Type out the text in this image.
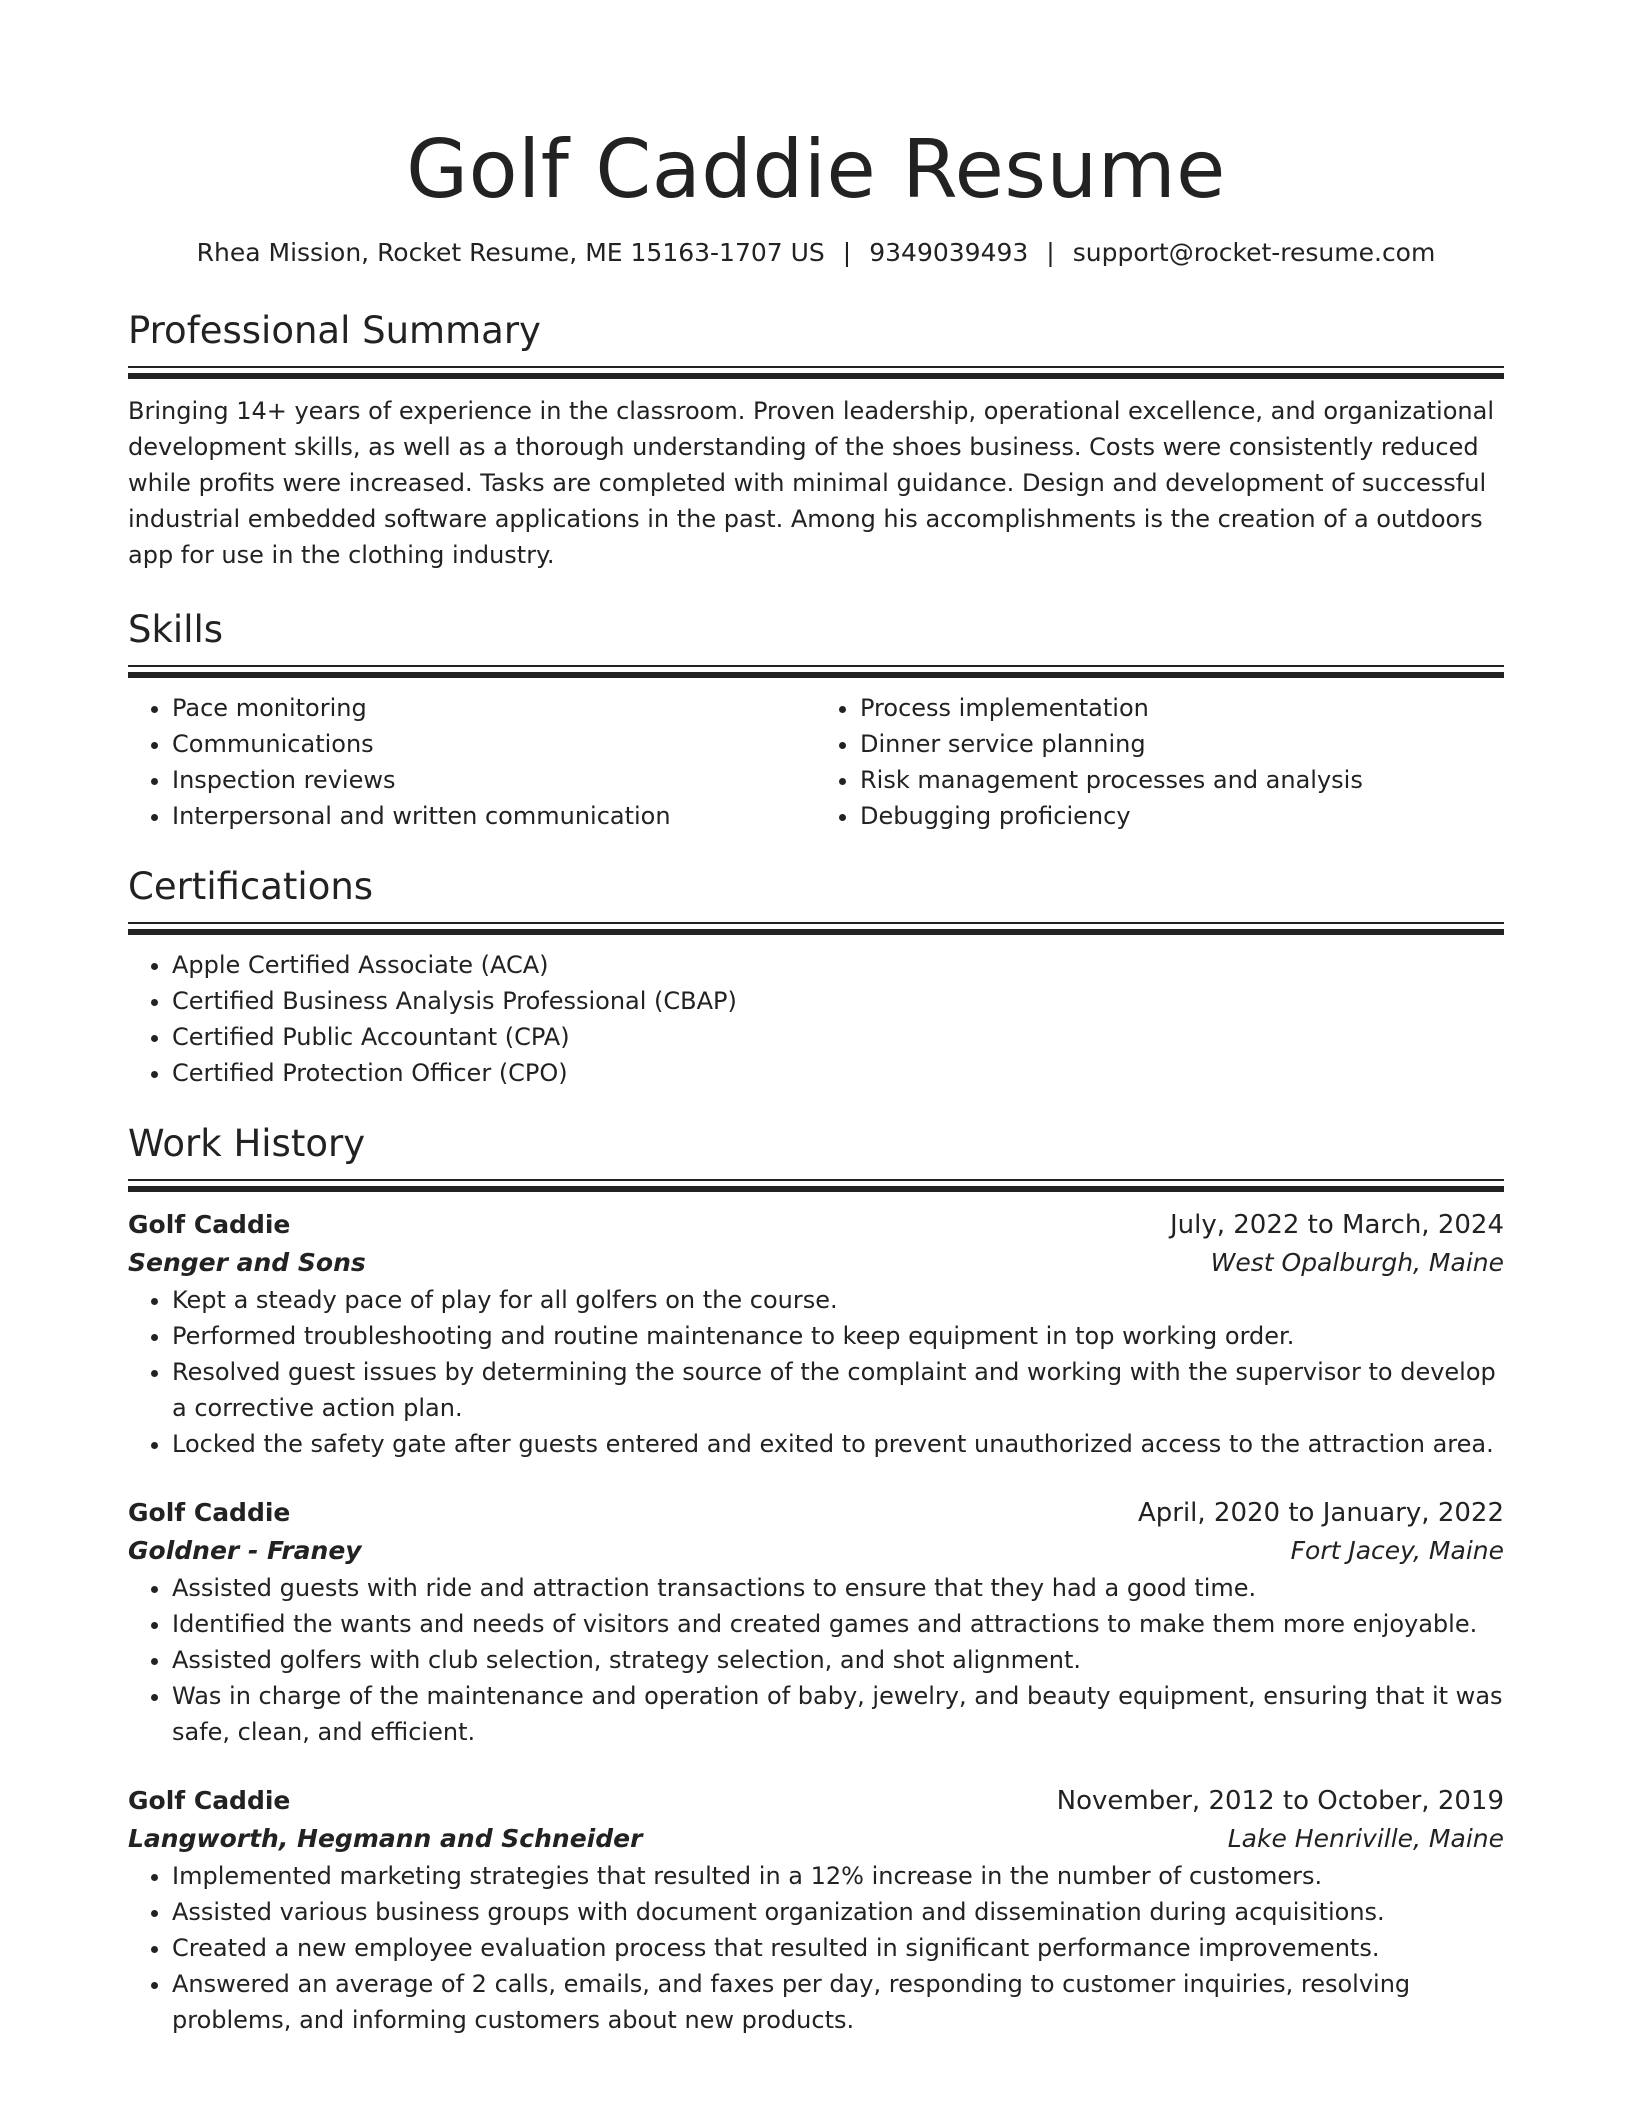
Golf Caddie Resume
Rhea Mission, Rocket Resume, ME 15163-1707 US | 9349039493 | support@rocket-resume.com
Professional Summary

Bringing 14+ years of experience in the classroom. Proven leadership, operational excellence, and organizational development skills, as well as a thorough understanding of the shoes business. Costs were consistently reduced while profits were increased. Tasks are completed with minimal guidance. Design and development of successful industrial embedded software applications in the past. Among his accomplishments is the creation of a outdoors app for use in the clothing industry.

Skills
• Pace monitoring
• Communications
• Inspection reviews
• Interpersonal and written communication
• Process implementation
• Dinner service planning
• Risk management processes and analysis
• Debugging proficiency
Certifications
• Apple Certified Associate (ACA)
• Certified Business Analysis Professional (CBAP)
• Certified Public Accountant (CPA)
• Certified Protection Officer (CPO)
Work History
Golf Caddie	July, 2022 to March, 2024
Senger and Sons	West Opalburgh, Maine
• Kept a steady pace of play for all golfers on the course.
• Performed troubleshooting and routine maintenance to keep equipment in top working order.
• Resolved guest issues by determining the source of the complaint and working with the supervisor to develop a corrective action plan.
• Locked the safety gate after guests entered and exited to prevent unauthorized access to the attraction area.
Golf Caddie	April, 2020 to January, 2022
Goldner - Franey	Fort Jacey, Maine
• Assisted guests with ride and attraction transactions to ensure that they had a good time.
• Identified the wants and needs of visitors and created games and attractions to make them more enjoyable.
• Assisted golfers with club selection, strategy selection, and shot alignment.
• Was in charge of the maintenance and operation of baby, jewelry, and beauty equipment, ensuring that it was safe, clean, and efficient.
Golf Caddie	November, 2012 to October, 2019
Langworth, Hegmann and Schneider	Lake Henriville, Maine
• Implemented marketing strategies that resulted in a 12% increase in the number of customers.
• Assisted various business groups with document organization and dissemination during acquisitions.
• Created a new employee evaluation process that resulted in significant performance improvements.
• Answered an average of 2 calls, emails, and faxes per day, responding to customer inquiries, resolving problems, and informing customers about new products.
